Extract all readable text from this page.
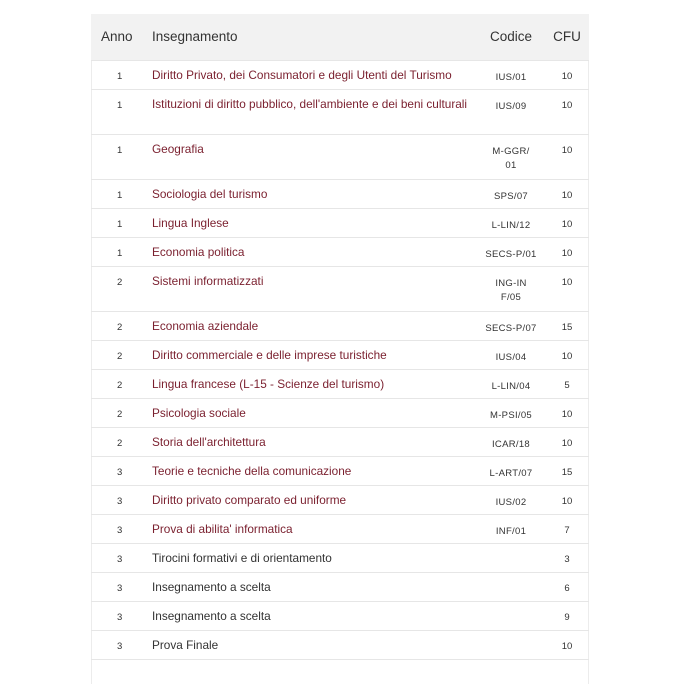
Anno	Insegnamento	Codice	CFU
1	Diritto Privato, dei Consumatori e degli Utenti del Turismo	IUS/01	10
1	Istituzioni di diritto pubblico, dell'ambiente e dei beni culturali	IUS/09	10
1	Geografia	M-GGR/01	10
1	Sociologia del turismo	SPS/07	10
1	Lingua Inglese	L-LIN/12	10
1	Economia politica	SECS-P/01	10
2	Sistemi informatizzati	ING-INF/05	10
2	Economia aziendale	SECS-P/07	15
2	Diritto commerciale e delle imprese turistiche	IUS/04	10
2	Lingua francese (L-15 - Scienze del turismo)	L-LIN/04	5
2	Psicologia sociale	M-PSI/05	10
2	Storia dell'architettura	ICAR/18	10
3	Teorie e tecniche della comunicazione	L-ART/07	15
3	Diritto privato comparato ed uniforme	IUS/02	10
3	Prova di abilita' informatica	INF/01	7
3	Tirocini formativi e di orientamento		3
3	Insegnamento a scelta		6
3	Insegnamento a scelta		9
3	Prova Finale		10
